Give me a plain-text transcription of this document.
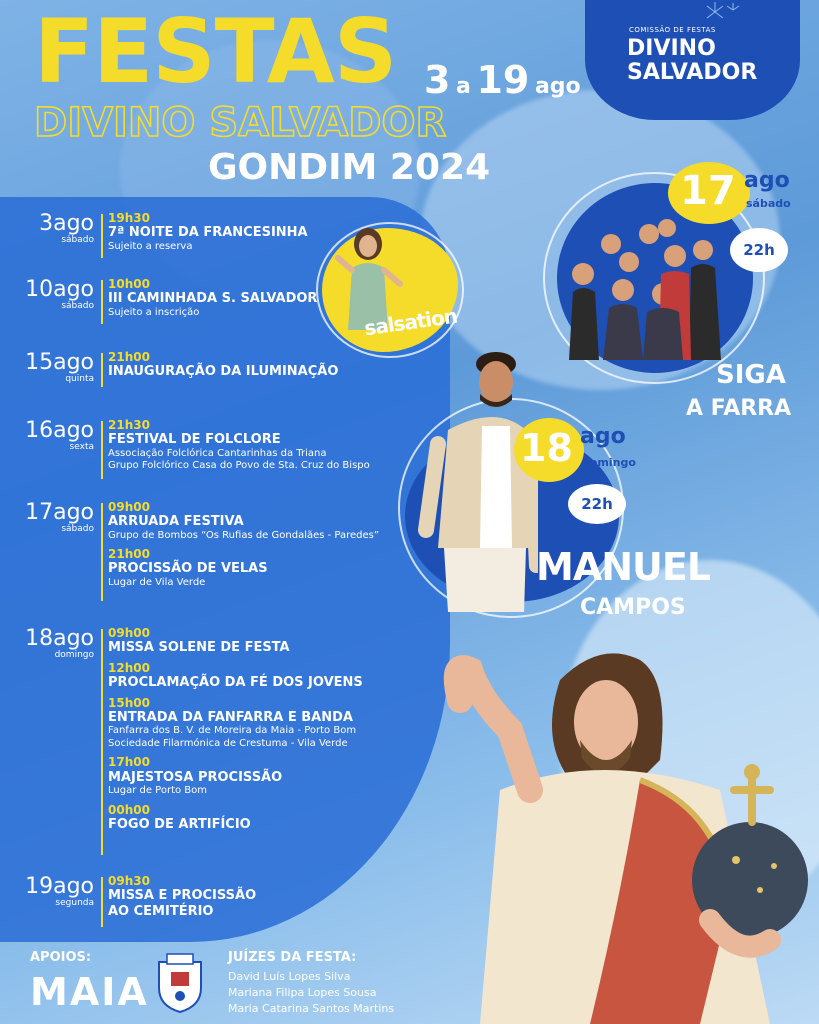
FESTAS 3 a 19 ago
DIVINO SALVADOR
GONDIM 2024
COMISSÃO DE FESTAS
DIVINO
SALVADOR
3ago
sábado
19h30
7ª NOITE DA FRANCESINHA
Sujeito a reserva
10ago
sábado
10h00
III CAMINHADA S. SALVADOR
Sujeito a inscrição
15ago
quinta
21h00
INAUGURAÇÃO DA ILUMINAÇÃO
16ago
sexta
21h30
FESTIVAL DE FOLCLORE
Associação Folclórica Cantarinhas da Triana
Grupo Folclórico Casa do Povo de Sta. Cruz do Bispo
17ago
sábado
09h00
ARRUADA FESTIVA
Grupo de Bombos “Os Rufias de Gondalães - Paredes”
21h00
PROCISSÃO DE VELAS
Lugar de Vila Verde
18ago
domingo
09h00
MISSA SOLENE DE FESTA
12h00
PROCLAMAÇÃO DA FÉ DOS JOVENS
15h00
ENTRADA DA FANFARRA E BANDA
Fanfarra dos B. V. de Moreira da Maia - Porto Bom
Sociedade Filarmónica de Crestuma - Vila Verde
17h00
MAJESTOSA PROCISSÃO
Lugar de Porto Bom
00h00
FOGO DE ARTIFÍCIO
19ago
segunda
09h30
MISSA E PROCISSÃO
AO CEMITÉRIO
salsation
17 ago
sábado
22h
SIGA
A FARRA
18 ago
domingo
22h
MANUEL
CAMPOS
APOIOS:
MAIA
JUÍZES DA FESTA:
David Luís Lopes Silva
Mariana Filipa Lopes Sousa
Maria Catarina Santos Martins
